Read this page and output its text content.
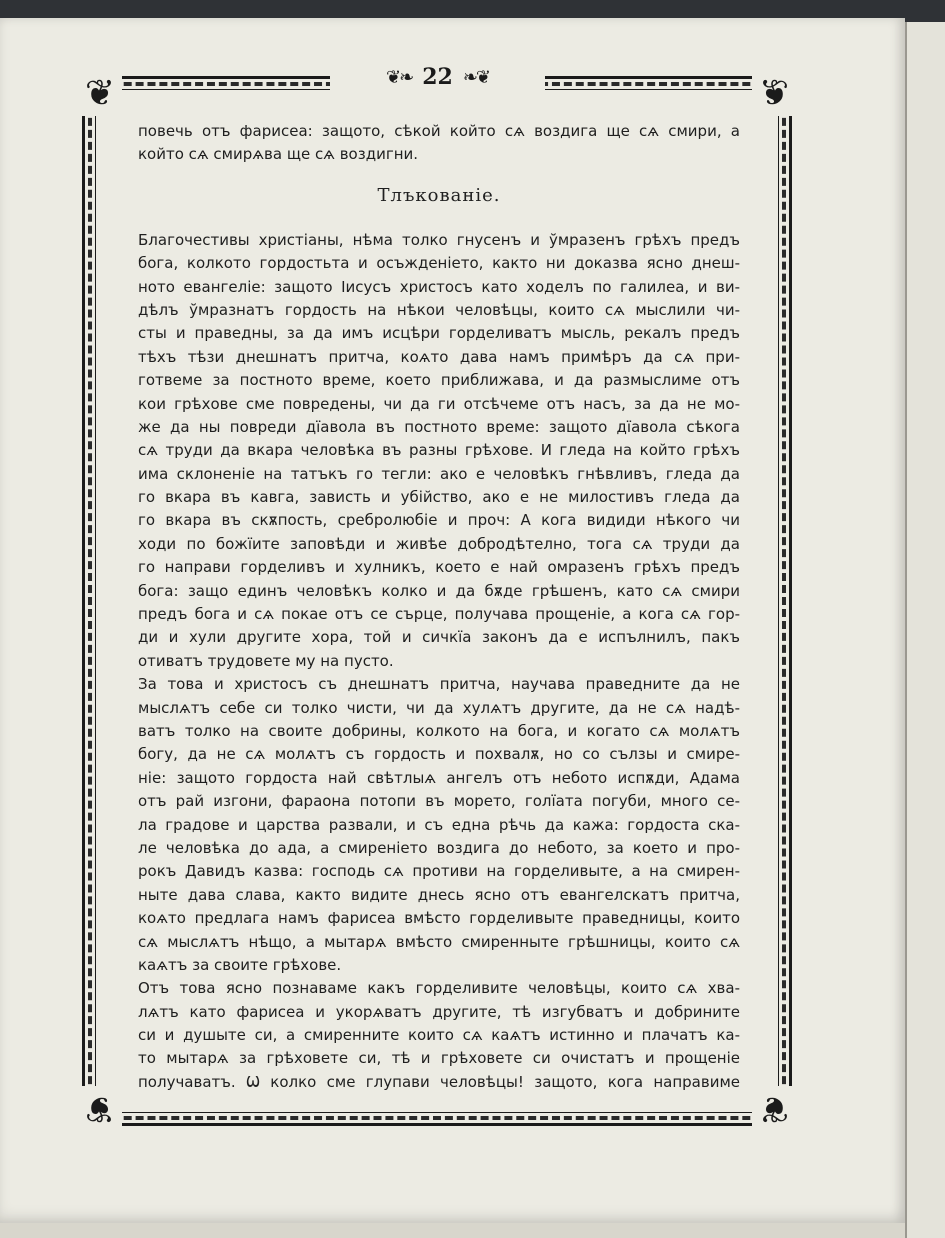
❦	❦
❦	❦
❦❧ 22 ❧❦
повечь отъ фарисеа: защото, сѣкой който сѧ воздига ще сѧ смири, а
който сѧ смирѧва ще сѧ воздигни.
Тлъкованіе.
Благочестивы христіаны, нѣма толко гнусенъ и ўмразенъ грѣхъ предъ
бога, колкото гордостьта и осъжденіето, както ни доказва ясно днеш-
ното евангеліе: защото Іисусъ христосъ като ходелъ по галилеа, и ви-
дѣлъ ўмразнатъ гордость на нѣкои человѣцы, които сѧ мыслили чи-
сты и праведны, за да имъ исцѣри горделиватъ мысль, рекалъ предъ
тѣхъ тѣзи днешнатъ притча, коѧто дава намъ примѣръ да сѧ при-
готвеме за постното време, което приближава, и да размыслиме отъ
кои грѣхове сме повредены, чи да ги отсѣчеме отъ насъ, за да не мо-
же да ны повреди дїавола въ постното време: защото дїавола сѣкога
сѧ труди да вкара человѣка въ разны грѣхове. И гледа на който грѣхъ
има склоненіе на татъкъ го тегли: ако е человѣкъ гнѣвливъ, гледа да
го вкара въ кавга, зависть и убійство, ако е не милостивъ гледа да
го вкара въ скѫпость, сребролюбіе и проч: А кога видиди нѣкого чи
ходи по божїите заповѣди и живѣе добродѣтелно, тога сѧ труди да
го направи горделивъ и хулникъ, което е най омразенъ грѣхъ предъ
бога: защо единъ человѣкъ колко и да бѫде грѣшенъ, като сѧ смири
предъ бога и сѧ покае отъ се сърце, получава прощеніе, а кога сѧ гор-
ди и хули другите хора, той и сичкїа законъ да е испълнилъ, пакъ
отиватъ трудовете му на пусто.
За това и христосъ съ днешнатъ притча, научава праведните да не
мыслѧтъ себе си толко чисти, чи да хулѧтъ другите, да не сѧ надѣ-
ватъ толко на своите добрины, колкото на бога, и когато сѧ молѧтъ
богу, да не сѧ молѧтъ съ гордость и похвалѫ, но со сълзы и смире-
ніе: защото гордоста най свѣтлыѧ ангелъ отъ небото испѫди, Адама
отъ рай изгони, фараона потопи въ морето, голїата погуби, много се-
ла градове и царства развали, и съ една рѣчь да кажа: гордоста ска-
ле человѣка до ада, а смиреніето воздига до небото, за което и про-
рокъ Давидъ казва: господь сѧ противи на горделивыте, а на смирен-
ныте дава слава, както видите днесь ясно отъ евангелскатъ притча,
коѧто предлага намъ фарисеа вмѣсто горделивыте праведницы, които
сѧ мыслѧтъ нѣщо, а мытарѧ вмѣсто смиренныте грѣшницы, които сѧ
каѧтъ за своите грѣхове.
Отъ това ясно познаваме какъ горделивите человѣцы, които сѧ хва-
лѧтъ като фарисеа и укорѧватъ другите, тѣ изгубватъ и добрините
си и душыте си, а смиренните които сѧ каѧтъ истинно и плачатъ ка-
то мытарѧ за грѣховете си, тѣ и грѣховете си очистатъ и прощеніе
получаватъ. Ѡ колко сме глупави человѣцы! защото, кога направиме
